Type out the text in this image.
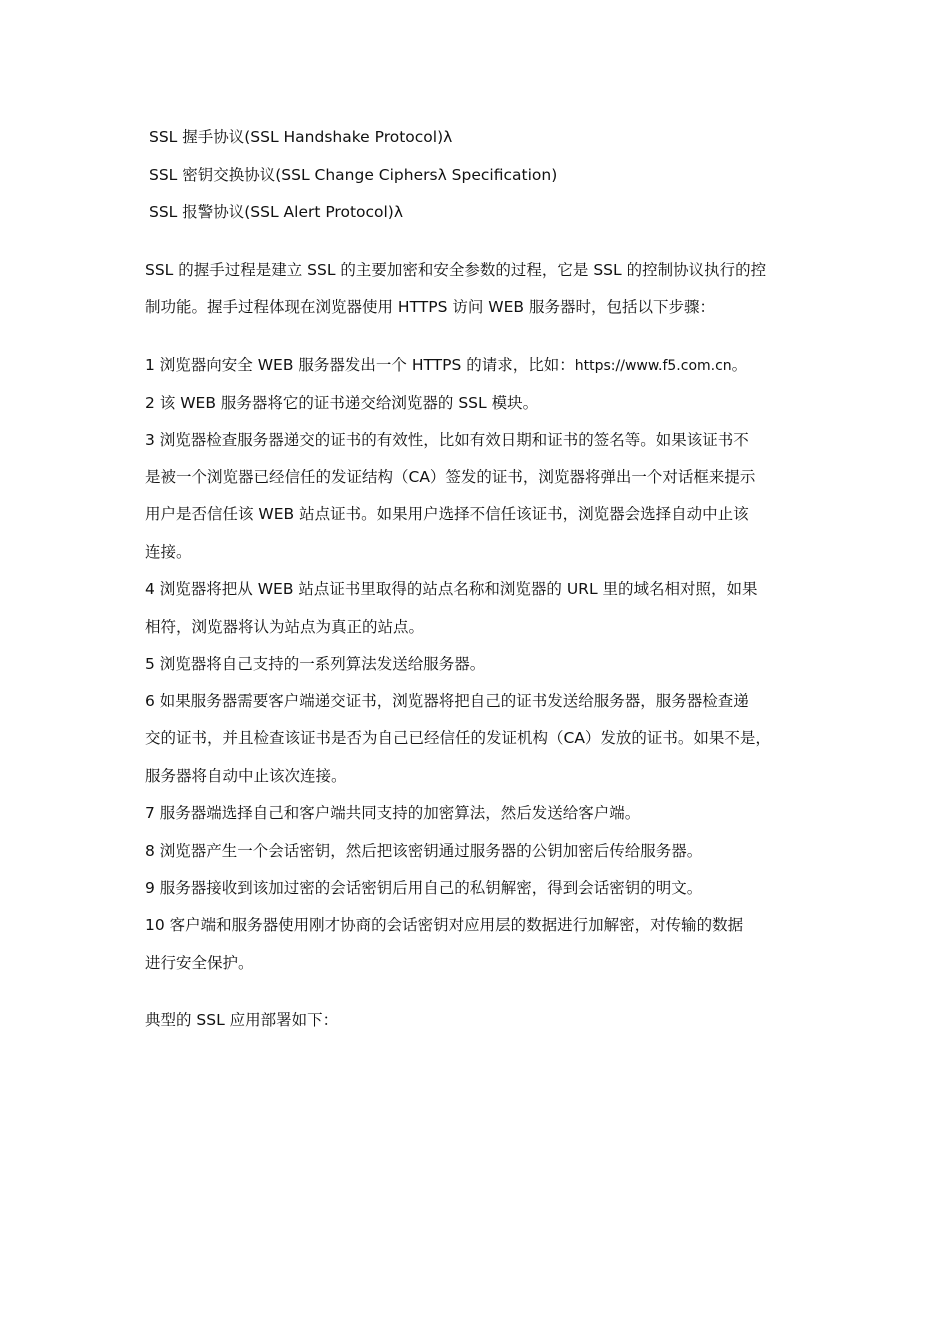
SSL 握手协议(SSL Handshake Protocol)λ
SSL 密钥交换协议(SSL Change Ciphersλ Specification)
SSL 报警协议(SSL Alert Protocol)λ
SSL 的握手过程是建立 SSL 的主要加密和安全参数的过程，它是 SSL 的控制协议执行的控
制功能。握手过程体现在浏览器使用 HTTPS 访问 WEB 服务器时，包括以下步骤：
1 浏览器向安全 WEB 服务器发出一个 HTTPS 的请求，比如：https://www.f5.com.cn。
2 该 WEB 服务器将它的证书递交给浏览器的 SSL 模块。
3 浏览器检查服务器递交的证书的有效性，比如有效日期和证书的签名等。如果该证书不
是被一个浏览器已经信任的发证结构（CA）签发的证书，浏览器将弹出一个对话框来提示
用户是否信任该 WEB 站点证书。如果用户选择不信任该证书，浏览器会选择自动中止该
连接。
4 浏览器将把从 WEB 站点证书里取得的站点名称和浏览器的 URL 里的域名相对照，如果
相符，浏览器将认为站点为真正的站点。
5 浏览器将自己支持的一系列算法发送给服务器。
6 如果服务器需要客户端递交证书，浏览器将把自己的证书发送给服务器，服务器检查递
交的证书，并且检查该证书是否为自己已经信任的发证机构（CA）发放的证书。如果不是，
服务器将自动中止该次连接。
7 服务器端选择自己和客户端共同支持的加密算法，然后发送给客户端。
8 浏览器产生一个会话密钥，然后把该密钥通过服务器的公钥加密后传给服务器。
9 服务器接收到该加过密的会话密钥后用自己的私钥解密，得到会话密钥的明文。
10 客户端和服务器使用刚才协商的会话密钥对应用层的数据进行加解密，对传输的数据
进行安全保护。
典型的 SSL 应用部署如下：
